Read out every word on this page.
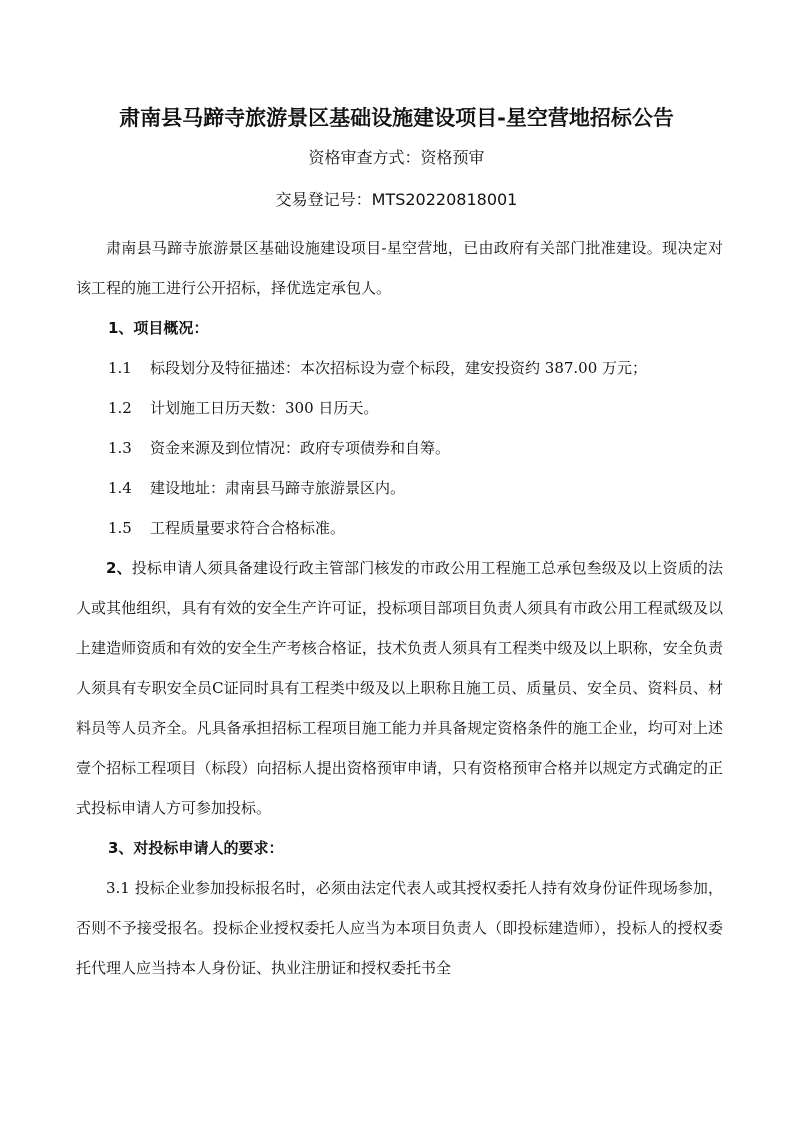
肃南县马蹄寺旅游景区基础设施建设项目-星空营地招标公告
资格审查方式：资格预审
交易登记号：MTS20220818001

肃南县马蹄寺旅游景区基础设施建设项目-星空营地，已由政府有关部门批准建设。现决定对该工程的施工进行公开招标，择优选定承包人。

1、项目概况：

1.1 标段划分及特征描述：本次招标设为壹个标段，建安投资约 387.00 万元；

1.2 计划施工日历天数：300 日历天。

1.3 资金来源及到位情况：政府专项债券和自筹。

1.4 建设地址：肃南县马蹄寺旅游景区内。

1.5 工程质量要求符合合格标准。

2、投标申请人须具备建设行政主管部门核发的市政公用工程施工总承包叁级及以上资质的法人或其他组织，具有有效的安全生产许可证，投标项目部项目负责人须具有市政公用工程贰级及以上建造师资质和有效的安全生产考核合格证，技术负责人须具有工程类中级及以上职称，安全负责人须具有专职安全员C证同时具有工程类中级及以上职称且施工员、质量员、安全员、资料员、材料员等人员齐全。凡具备承担招标工程项目施工能力并具备规定资格条件的施工企业，均可对上述壹个招标工程项目（标段）向招标人提出资格预审申请，只有资格预审合格并以规定方式确定的正式投标申请人方可参加投标。

3、对投标申请人的要求：

3.1 投标企业参加投标报名时，必须由法定代表人或其授权委托人持有效身份证件现场参加，否则不予接受报名。投标企业授权委托人应当为本项目负责人（即投标建造师），投标人的授权委托代理人应当持本人身份证、执业注册证和授权委托书全
